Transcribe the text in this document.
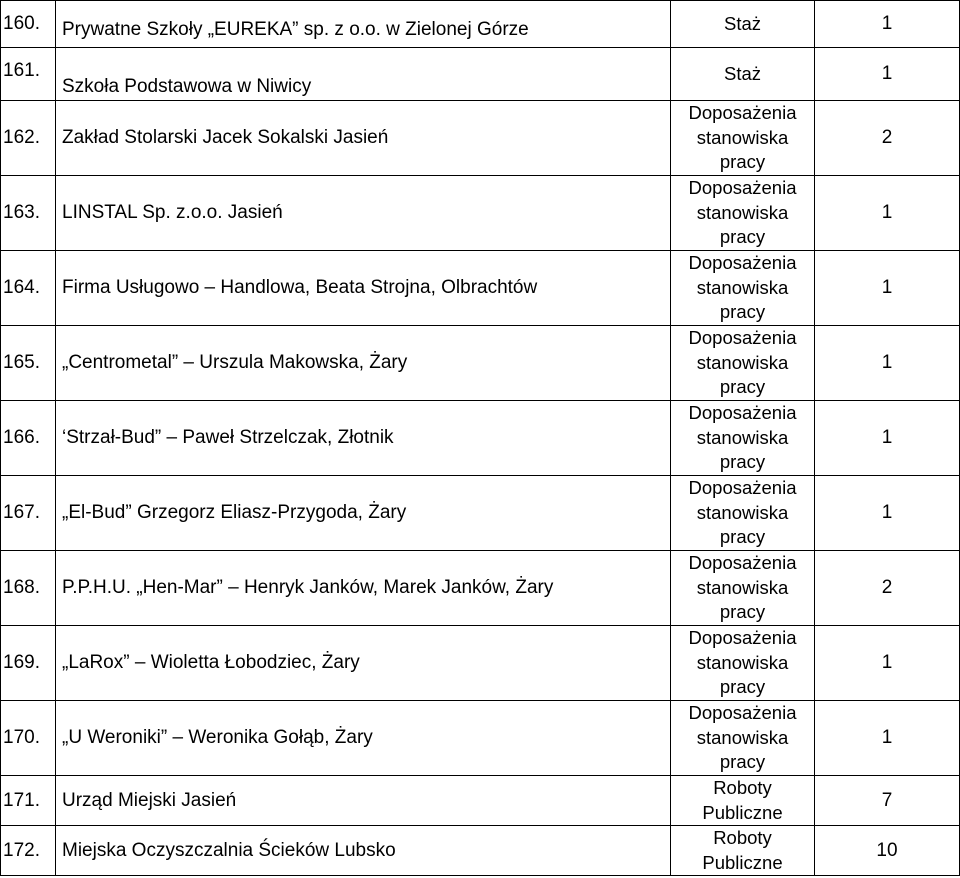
160.	Prywatne Szkoły „EUREKA” sp. z o.o. w Zielonej Górze	Staż	1
161.	Szkoła Podstawowa w Niwicy	Staż	1
162.	Zakład Stolarski Jacek Sokalski Jasień	Doposażenia
stanowiska
pracy	2
163.	LINSTAL Sp. z.o.o. Jasień	Doposażenia
stanowiska
pracy	1
164.	Firma Usługowo ‒ Handlowa, Beata Strojna, Olbrachtów	Doposażenia
stanowiska
pracy	1
165.	„Centrometal” ‒ Urszula Makowska, Żary	Doposażenia
stanowiska
pracy	1
166.	‘Strzał-Bud” ‒ Paweł Strzelczak, Złotnik	Doposażenia
stanowiska
pracy	1
167.	„El-Bud” Grzegorz Eliasz-Przygoda, Żary	Doposażenia
stanowiska
pracy	1
168.	P.P.H.U. „Hen-Mar” ‒ Henryk Janków, Marek Janków, Żary	Doposażenia
stanowiska
pracy	2
169.	„LaRox” ‒ Wioletta Łobodziec, Żary	Doposażenia
stanowiska
pracy	1
170.	„U Weroniki” ‒ Weronika Gołąb, Żary	Doposażenia
stanowiska
pracy	1
171.	Urząd Miejski Jasień	Roboty
Publiczne	7
172.	Miejska Oczyszczalnia Ścieków Lubsko	Roboty
Publiczne	10
